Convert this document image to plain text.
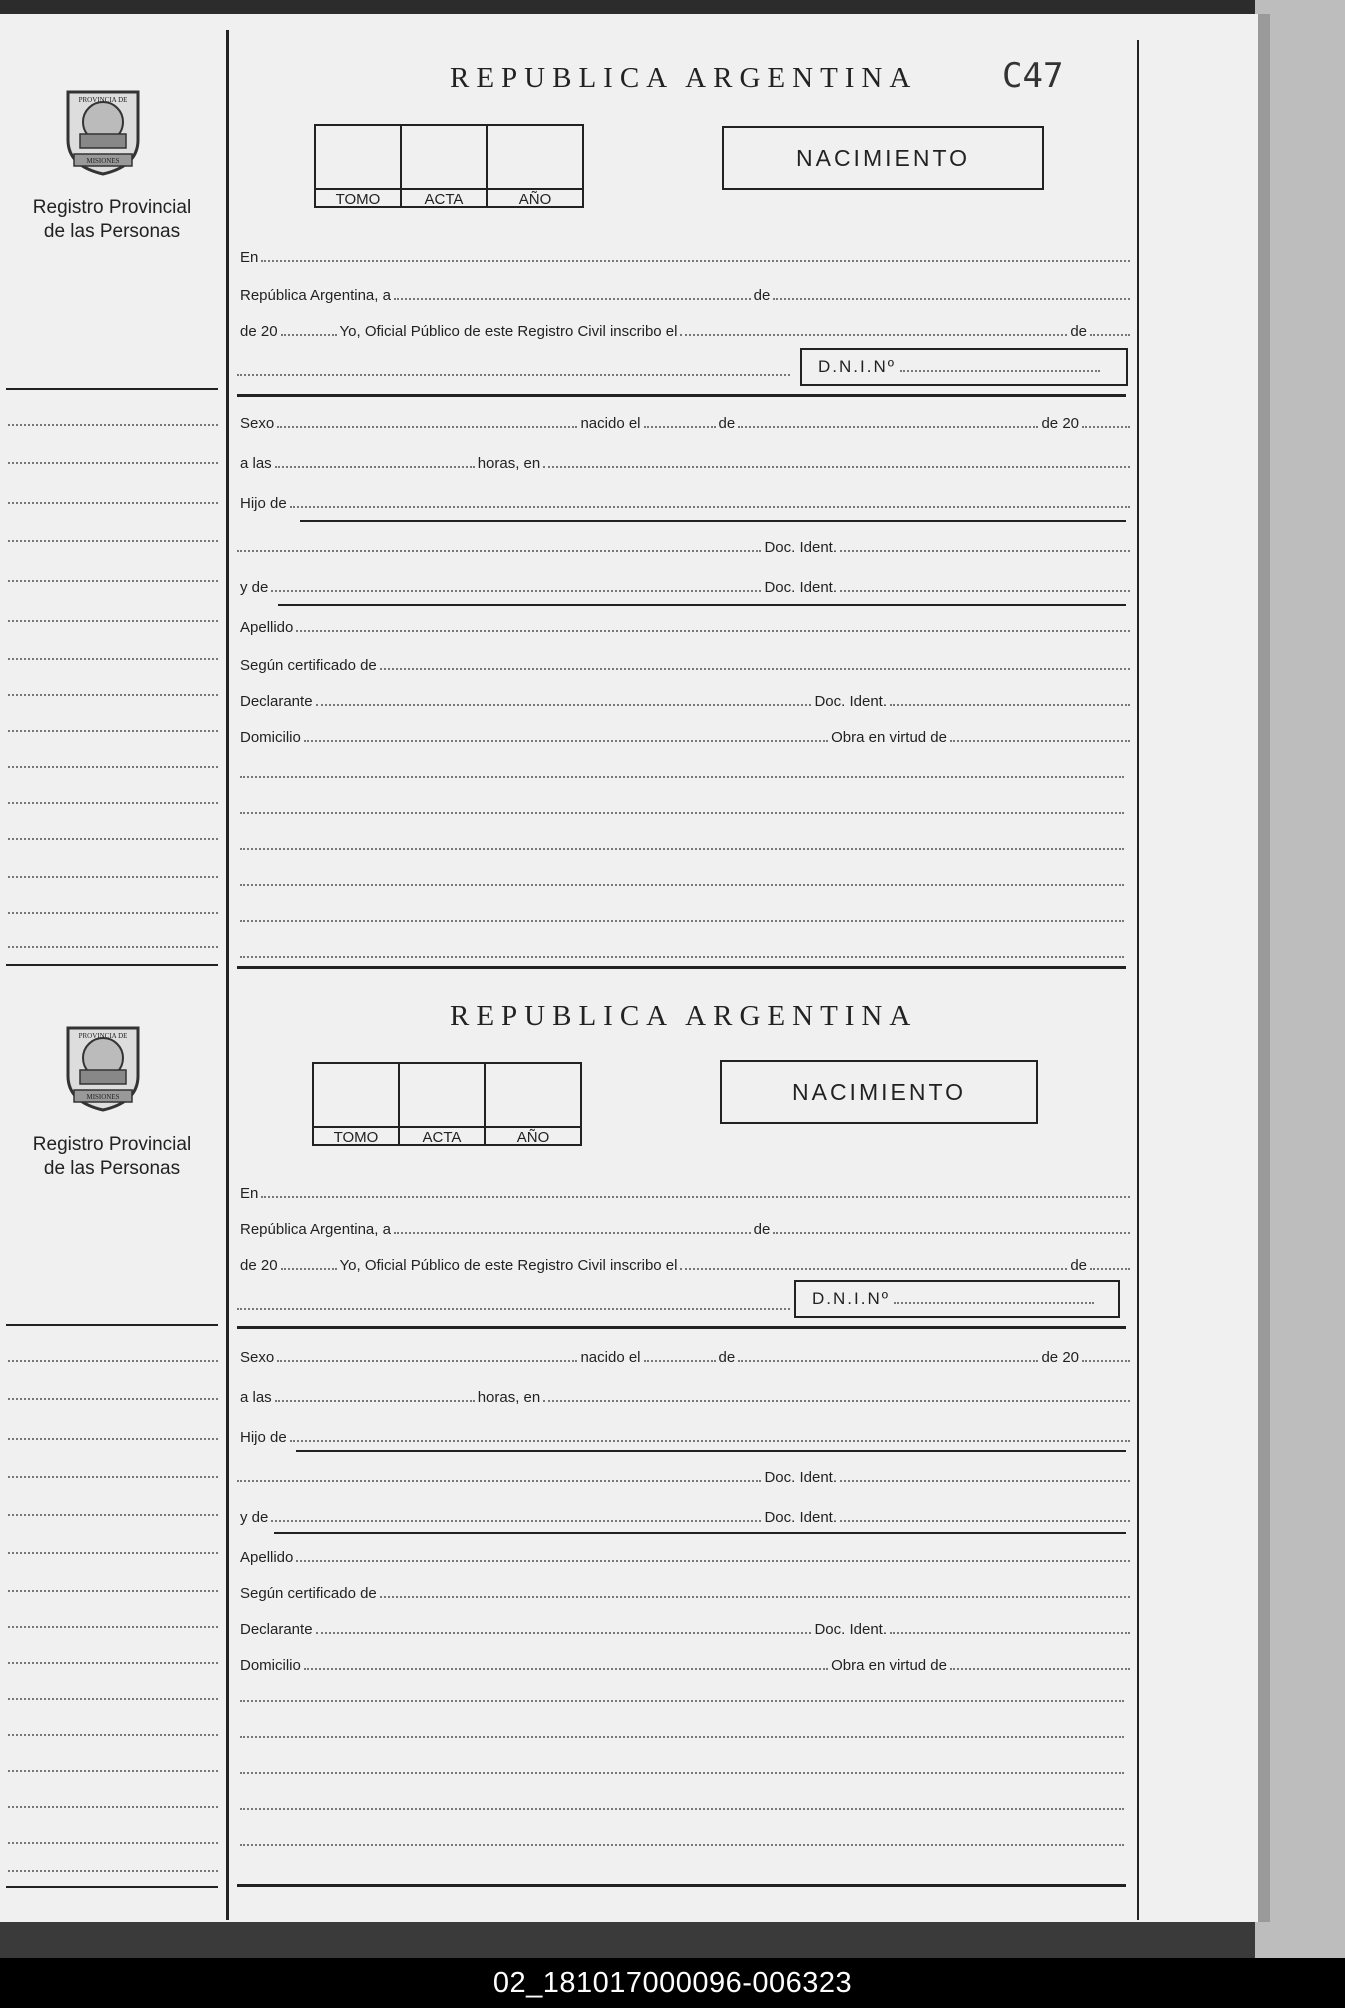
PROVINCIA DE
MISIONES
Registro Provincial
de las Personas
PROVINCIA DE
MISIONES
Registro Provincial
de las Personas
REPUBLICA ARGENTINA C47
TOMO	ACTA	AÑO
NACIMIENTO
En
República Argentina, a	de
de 20	Yo, Oficial Público de este Registro Civil inscribo el	de
D.N.I.Nº
Sexo	nacido el	de	de 20
a las	horas, en
Hijo de
Doc. Ident.
y de	Doc. Ident.
Apellido
Según certificado de
Declarante	Doc. Ident.
Domicilio	Obra en virtud de
REPUBLICA ARGENTINA
TOMO	ACTA	AÑO
NACIMIENTO
En
República Argentina, a	de
de 20	Yo, Oficial Público de este Registro Civil inscribo el	de
D.N.I.Nº
Sexo	nacido el	de	de 20
a las	horas, en
Hijo de
Doc. Ident.
y de	Doc. Ident.
Apellido
Según certificado de
Declarante	Doc. Ident.
Domicilio	Obra en virtud de
02_181017000096-006323
